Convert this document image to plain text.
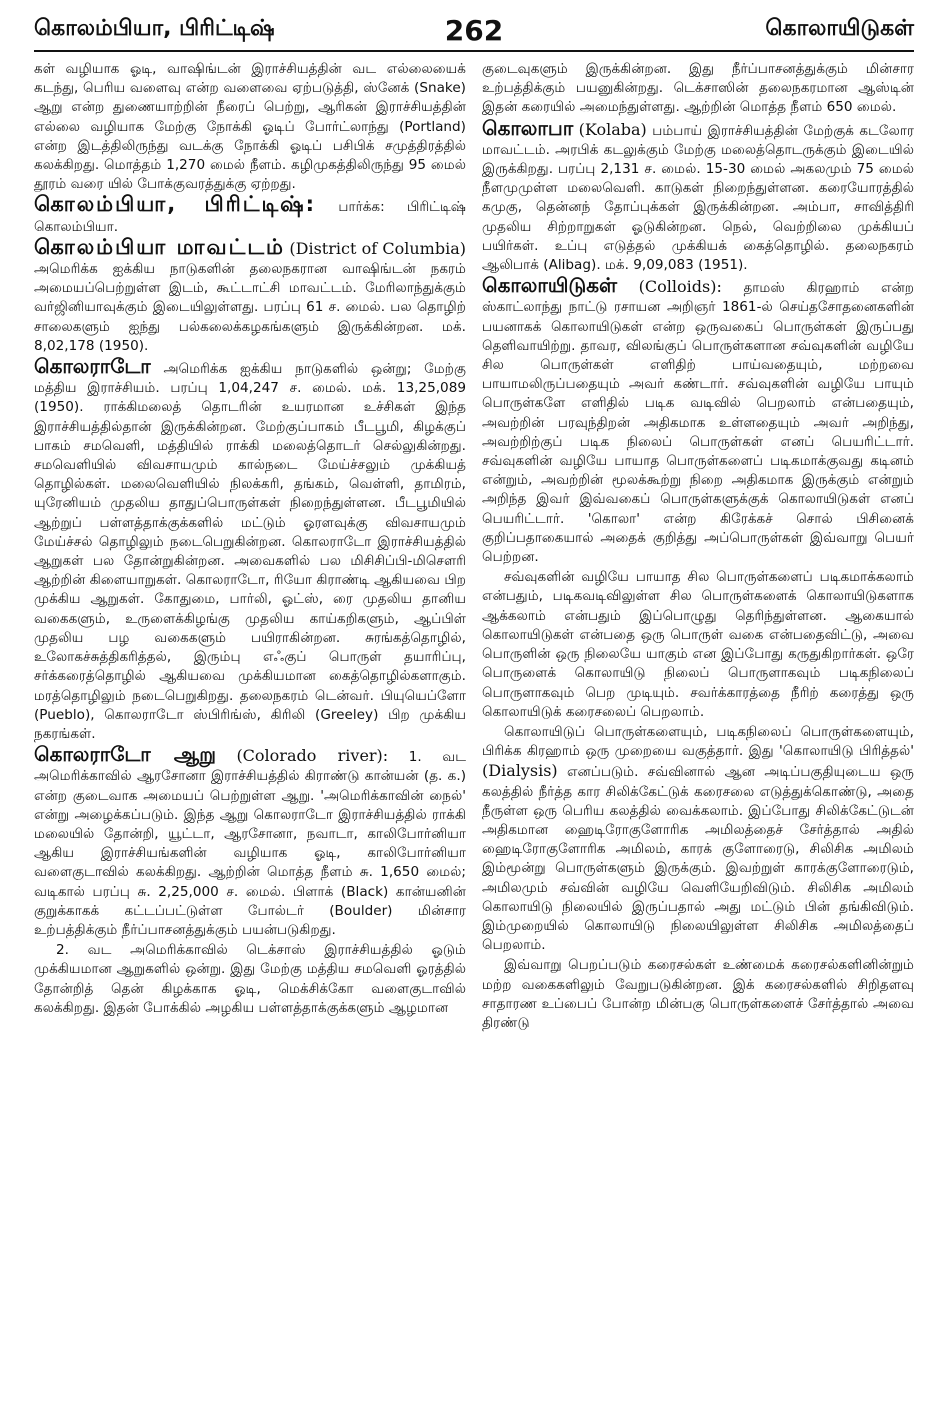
கொலம்பியா, பிரிட்டிஷ்	262	கொலாயிடுகள்

கள் வழியாக ஓடி, வாஷிங்டன் இராச்சியத்தின் வட எல்லையைக் கடந்து, பெரிய வளைவு என்ற வளைவை ஏற்படுத்தி, ஸ்னேக் (Snake) ஆறு என்ற துணையாற்றின் நீரைப் பெற்று, ஆரிகன் இராச்சியத்தின் எல்லை வழியாக மேற்கு நோக்கி ஓடிப் போர்ட்லாந்து (Portland) என்ற இடத்திலிருந்து வடக்கு நோக்கி ஓடிப் பசிபிக் சமுத்திரத்தில் கலக்கிறது. மொத்தம் 1,270 மைல் நீளம். கழிமுகத்திலிருந்து 95 மைல் தூரம் வரை யில் போக்குவரத்துக்கு ஏற்றது.

கொலம்பியா, பிரிட்டிஷ்: பார்க்க: பிரிட்டிஷ் கொலம்பியா.

கொலம்பியா மாவட்டம் (District of Columbia) அமெரிக்க ஐக்கிய நாடுகளின் தலைநகரான வாஷிங்டன் நகரம் அமையப்பெற்றுள்ள இடம், கூட்டாட்சி மாவட்டம். மேரிலாந்துக்கும் வர்ஜினியாவுக்கும் இடையிலுள்ளது. பரப்பு 61 ச. மைல். பல தொழிற் சாலைகளும் ஐந்து பல்கலைக்கழகங்களும் இருக்கின்றன. மக். 8,02,178 (1950).

கொலராடோ அமெரிக்க ஐக்கிய நாடுகளில் ஒன்று; மேற்கு மத்திய இராச்சியம். பரப்பு 1,04,247 ச. மைல். மக். 13,25,089 (1950). ராக்கிமலைத் தொடரின் உயரமான உச்சிகள் இந்த இராச்சியத்தில்தான் இருக்கின்றன. மேற்குப்பாகம் பீடபூமி, கிழக்குப் பாகம் சமவெளி, மத்தியில் ராக்கி மலைத்தொடர் செல்லுகின்றது. சமவெளியில் விவசாயமும் கால்நடை மேய்ச்சலும் முக்கியத் தொழில்கள். மலைவெளியில் நிலக்கரி, தங்கம், வெள்ளி, தாமிரம், யுரேனியம் முதலிய தாதுப்பொருள்கள் நிறைந்துள்ளன. பீடபூமியில் ஆற்றுப் பள்ளத்தாக்குக்களில் மட்டும் ஓரளவுக்கு விவசாயமும் மேய்ச்சல் தொழிலும் நடைபெறுகின்றன. கொலராடோ இராச்சியத்தில் ஆறுகள் பல தோன்றுகின்றன. அவைகளில் பல மிசிசிப்பி-மிசௌரி ஆற்றின் கிளையாறுகள். கொலராடோ, ரியோ கிராண்டி ஆகியவை பிற முக்கிய ஆறுகள். கோதுமை, பார்லி, ஓட்ஸ், ரை முதலிய தானிய வகைகளும், உருளைக்கிழங்கு முதலிய காய்கறிகளும், ஆப்பிள் முதலிய பழ வகைகளும் பயிராகின்றன. சுரங்கத்தொழில், உலோகச்சுத்திகரித்தல், இரும்பு எஃகுப் பொருள் தயாரிப்பு, சர்க்கரைத்தொழில் ஆகியவை முக்கியமான கைத்தொழில்களாகும். மரத்தொழிலும் நடைபெறுகிறது. தலைநகரம் டென்வர். பியுயெப்ளோ (Pueblo), கொலராடோ ஸ்பிரிங்ஸ், கிரிலி (Greeley) பிற முக்கிய நகரங்கள்.

கொலராடோ ஆறு (Colorado river): 1. வட அமெரிக்காவில் ஆரசோனா இராச்சியத்தில் கிராண்டு கான்யன் (த. க.) என்ற குடைவாக அமையப் பெற்றுள்ள ஆறு. 'அமெரிக்காவின் நைல்' என்று அழைக்கப்படும். இந்த ஆறு கொலராடோ இராச்சியத்தில் ராக்கி மலையில் தோன்றி, யூட்டா, ஆரசோனா, நவாடா, காலிபோர்னியா ஆகிய இராச்சியங்களின் வழியாக ஓடி, காலிபோர்னியா வளைகுடாவில் கலக்கிறது. ஆற்றின் மொத்த நீளம் சு. 1,650 மைல்; வடிகால் பரப்பு சு. 2,25,000 ச. மைல். பிளாக் (Black) கான்யனின் குறுக்காகக் கட்டப்பட்டுள்ள போல்டர் (Boulder) மின்சார உற்பத்திக்கும் நீர்ப்பாசனத்துக்கும் பயன்படுகிறது.

2. வட அமெரிக்காவில் டெக்சாஸ் இராச்சியத்தில் ஓடும் முக்கியமான ஆறுகளில் ஒன்று. இது மேற்கு மத்திய சமவெளி ஓரத்தில் தோன்றித் தென் கிழக்காக ஓடி, மெக்சிக்கோ வளைகுடாவில் கலக்கிறது. இதன் போக்கில் அழகிய பள்ளத்தாக்குக்களும் ஆழமான

குடைவுகளும் இருக்கின்றன. இது நீர்ப்பாசனத்துக்கும் மின்சார உற்பத்திக்கும் பயனுகின்றது. டெக்சாஸின் தலைநகரமான ஆஸ்டின் இதன் கரையில் அமைந்துள்ளது. ஆற்றின் மொத்த நீளம் 650 மைல்.

கொலாபா (Kolaba) பம்பாய் இராச்சியத்தின் மேற்குக் கடலோர மாவட்டம். அரபிக் கடலுக்கும் மேற்கு மலைத்தொடருக்கும் இடையில் இருக்கிறது. பரப்பு 2,131 ச. மைல். 15-30 மைல் அகலமும் 75 மைல் நீளமுமுள்ள மலைவெளி. காடுகள் நிறைந்துள்ளன. கரையோரத்தில் கமுகு, தென்னந் தோப்புக்கள் இருக்கின்றன. அம்பா, சாவித்திரி முதலிய சிற்றாறுகள் ஓடுகின்றன. நெல், வெற்றிலை முக்கியப் பயிர்கள். உப்பு எடுத்தல் முக்கியக் கைத்தொழில். தலைநகரம் ஆலிபாக் (Alibag). மக். 9,09,083 (1951).

கொலாயிடுகள் (Colloids): தாமஸ் கிரஹாம் என்ற ஸ்காட்லாந்து நாட்டு ரசாயன அறிஞர் 1861-ல் செய்தசோதனைகளின் பயனாகக் கொலாயிடுகள் என்ற ஒருவகைப் பொருள்கள் இருப்பது தெளிவாயிற்று. தாவர, விலங்குப் பொருள்களான சவ்வுகளின் வழியே சில பொருள்கள் எளிதிற் பாய்வதையும், மற்றவை பாயாமலிருப்பதையும் அவர் கண்டார். சவ்வுகளின் வழியே பாயும் பொருள்களே எளிதில் படிக வடிவில் பெறலாம் என்பதையும், அவற்றின் பரவுந்திறன் அதிகமாக உள்ளதையும் அவர் அறிந்து, அவற்றிற்குப் படிக நிலைப் பொருள்கள் எனப் பெயரிட்டார். சவ்வுகளின் வழியே பாயாத பொருள்களைப் படிகமாக்குவது கடினம் என்றும், அவற்றின் மூலக்கூற்று நிறை அதிகமாக இருக்கும் என்றும் அறிந்த இவர் இவ்வகைப் பொருள்களுக்குக் கொலாயிடுகள் எனப் பெயரிட்டார். 'கொலா' என்ற கிரேக்கச் சொல் பிசினைக் குறிப்பதாகையால் அதைக் குறித்து அப்பொருள்கள் இவ்வாறு பெயர் பெற்றன.

சவ்வுகளின் வழியே பாயாத சில பொருள்களைப் படிகமாக்கலாம் என்பதும், படிகவடிவிலுள்ள சில பொருள்களைக் கொலாயிடுகளாக ஆக்கலாம் என்பதும் இப்பொழுது தெரிந்துள்ளன. ஆகையால் கொலாயிடுகள் என்பதை ஒரு பொருள் வகை என்பதைவிட்டு, அவை பொருளின் ஒரு நிலையே யாகும் என இப்போது கருதுகிறார்கள். ஒரே பொருளைக் கொலாயிடு நிலைப் பொருளாகவும் படிகநிலைப் பொருளாகவும் பெற முடியும். சவர்க்காரத்தை நீரிற் கரைத்து ஒரு கொலாயிடுக் கரைசலைப் பெறலாம்.

கொலாயிடுப் பொருள்களையும், படிகநிலைப் பொருள்களையும், பிரிக்க கிரஹாம் ஒரு முறையை வகுத்தார். இது 'கொலாயிடு பிரித்தல்' (Dialysis) எனப்படும். சவ்வினால் ஆன அடிப்பகுதியுடைய ஒரு கலத்தில் நீர்த்த கார சிலிக்கேட்டுக் கரைசலை எடுத்துக்கொண்டு, அதை நீருள்ள ஒரு பெரிய கலத்தில் வைக்கலாம். இப்போது சிலிக்கேட்டுடன் அதிகமான ஹைடிரோகுளோரிக அமிலத்தைச் சேர்த்தால் அதில் ஹைடிரோகுளோரிக அமிலம், காரக் குளோரைடு, சிலிசிக அமிலம் இம்மூன்று பொருள்களும் இருக்கும். இவற்றுள் காரக்குளோரைடும், அமிலமும் சவ்வின் வழியே வெளியேறிவிடும். சிலிசிக அமிலம் கொலாயிடு நிலையில் இருப்பதால் அது மட்டும் பின் தங்கிவிடும். இம்முறையில் கொலாயிடு நிலையிலுள்ள சிலிசிக அமிலத்தைப் பெறலாம்.

இவ்வாறு பெறப்படும் கரைசல்கள் உண்மைக் கரைசல்களினின்றும் மற்ற வகைகளிலும் வேறுபடுகின்றன. இக் கரைசல்களில் சிறிதளவு சாதாரண உப்பைப் போன்ற மின்பகு பொருள்களைச் சேர்த்தால் அவை திரண்டு
